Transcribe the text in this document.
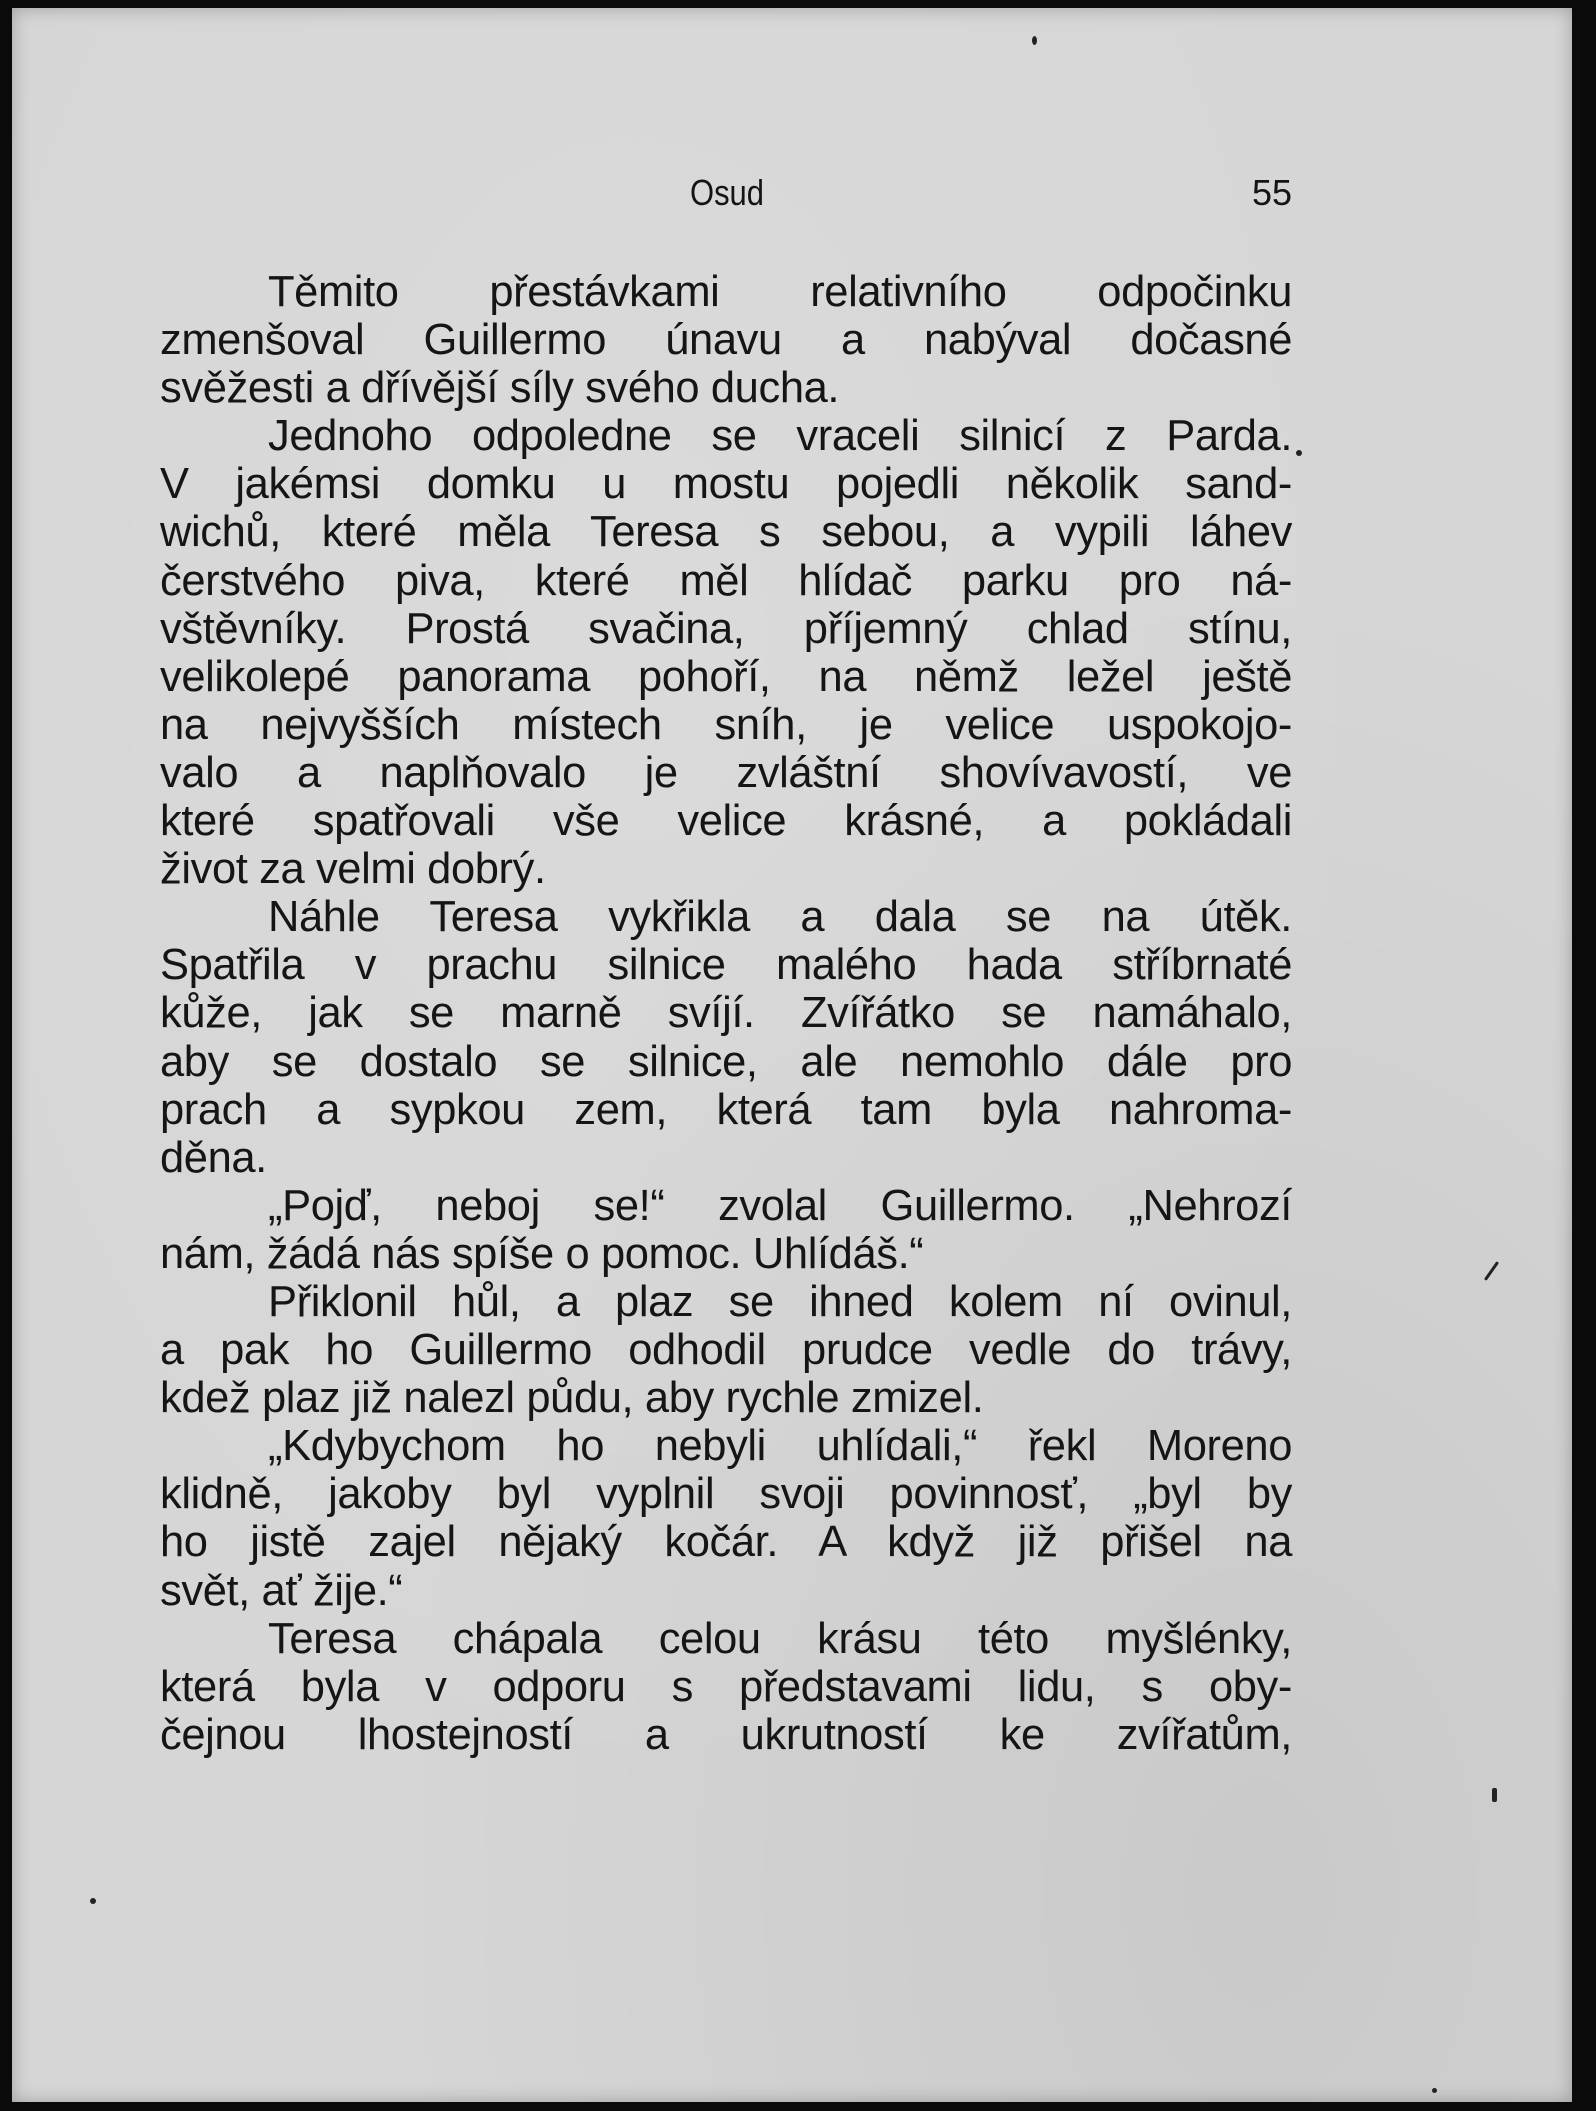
Osud	55
Těmito přestávkami relativního odpočinku
zmenšoval Guillermo únavu a nabýval dočasné
svěžesti a dřívější síly svého ducha.
Jednoho odpoledne se vraceli silnicí z Parda.
V jakémsi domku u mostu pojedli několik sand-
wichů, které měla Teresa s sebou, a vypili láhev
čerstvého piva, které měl hlídač parku pro ná-
vštěvníky. Prostá svačina, příjemný chlad stínu,
velikolepé panorama pohoří, na němž ležel ještě
na nejvyšších místech sníh, je velice uspokojo-
valo a naplňovalo je zvláštní shovívavostí, ve
které spatřovali vše velice krásné, a pokládali
život za velmi dobrý.
Náhle Teresa vykřikla a dala se na útěk.
Spatřila v prachu silnice malého hada stříbrnaté
kůže, jak se marně svíjí. Zvířátko se namáhalo,
aby se dostalo se silnice, ale nemohlo dále pro
prach a sypkou zem, která tam byla nahroma-
děna.
„Pojď, neboj se!“ zvolal Guillermo. „Nehrozí
nám, žádá nás spíše o pomoc. Uhlídáš.“
Přiklonil hůl, a plaz se ihned kolem ní ovinul,
a pak ho Guillermo odhodil prudce vedle do trávy,
kdež plaz již nalezl půdu, aby rychle zmizel.
„Kdybychom ho nebyli uhlídali,“ řekl Moreno
klidně, jakoby byl vyplnil svoji povinnosť, „byl by
ho jistě zajel nějaký kočár. A když již přišel na
svět, ať žije.“
Teresa chápala celou krásu této myšlénky,
která byla v odporu s představami lidu, s oby-
čejnou lhostejností a ukrutností ke zvířatům,
